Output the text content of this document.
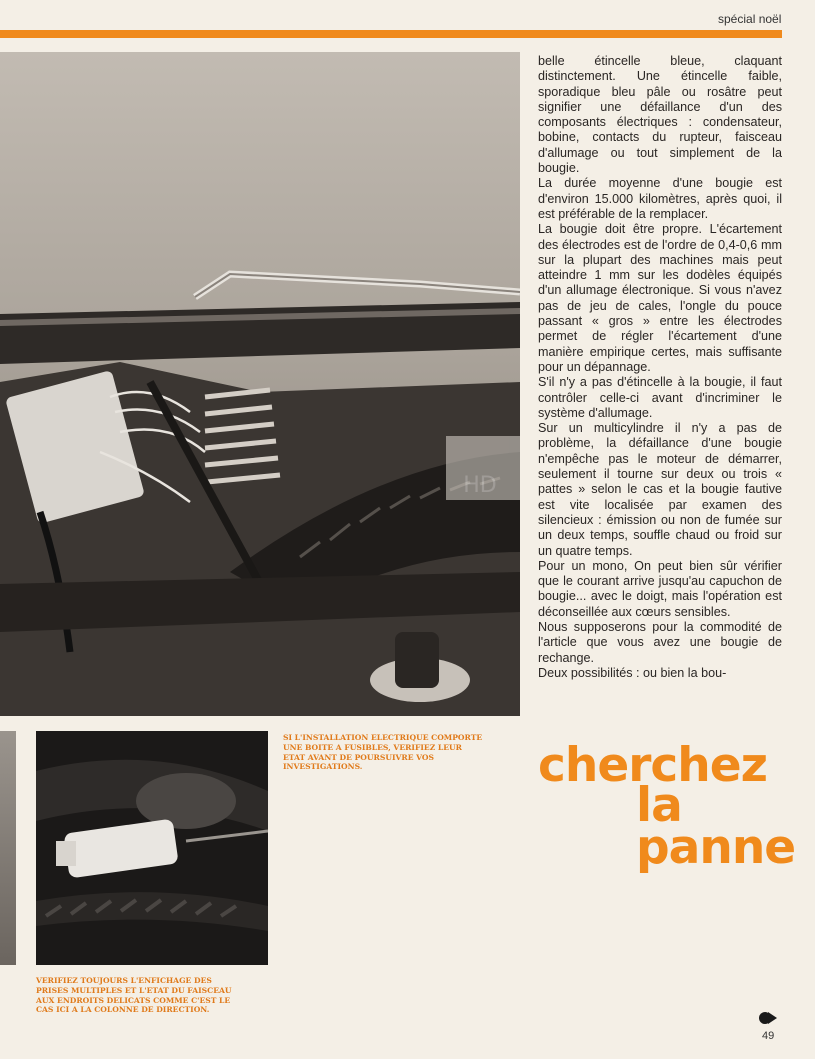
spécial noël
HD

belle étincelle bleue, claquant distinctement. Une étincelle faible, sporadique bleu pâle ou rosâtre peut signifier une défaillance d'un des composants électriques : condensateur, bobine, contacts du rupteur, faisceau d'allumage ou tout simplement de la bougie.

La durée moyenne d'une bougie est d'environ 15.000 kilomètres, après quoi, il est préférable de la remplacer.

La bougie doit être propre. L'écartement des électrodes est de l'ordre de 0,4-0,6 mm sur la plupart des machines mais peut atteindre 1 mm sur les dodèles équipés d'un allumage électronique. Si vous n'avez pas de jeu de cales, l'ongle du pouce passant « gros » entre les électrodes permet de régler l'écartement d'une manière empirique certes, mais suffisante pour un dépannage.

S'il n'y a pas d'étincelle à la bougie, il faut contrôler celle-ci avant d'incriminer le système d'allumage.

Sur un multicylindre il n'y a pas de problème, la défaillance d'une bougie n'empêche pas le moteur de démarrer, seulement il tourne sur deux ou trois « pattes » selon le cas et la bougie fautive est vite localisée par examen des silencieux : émission ou non de fumée sur un deux temps, souffle chaud ou froid sur un quatre temps.

Pour un mono, On peut bien sûr vérifier que le courant arrive jusqu'au capuchon de bougie... avec le doigt, mais l'opération est déconseillée aux cœurs sensibles.

Nous supposerons pour la commodité de l'article que vous avez une bougie de rechange.

Deux possibilités : ou bien la bou-

SI L'INSTALLATION ELECTRIQUE COMPORTE UNE BOITE A FUSIBLES, VERIFIEZ LEUR ETAT AVANT DE POURSUIVRE VOS INVESTIGATIONS.
VERIFIEZ TOUJOURS L'ENFICHAGE DES PRISES MULTIPLES ET L'ETAT DU FAISCEAU AUX ENDROITS DELICATS COMME C'EST LE CAS ICI A LA COLONNE DE DIRECTION.
cherchez
la
panne
49
